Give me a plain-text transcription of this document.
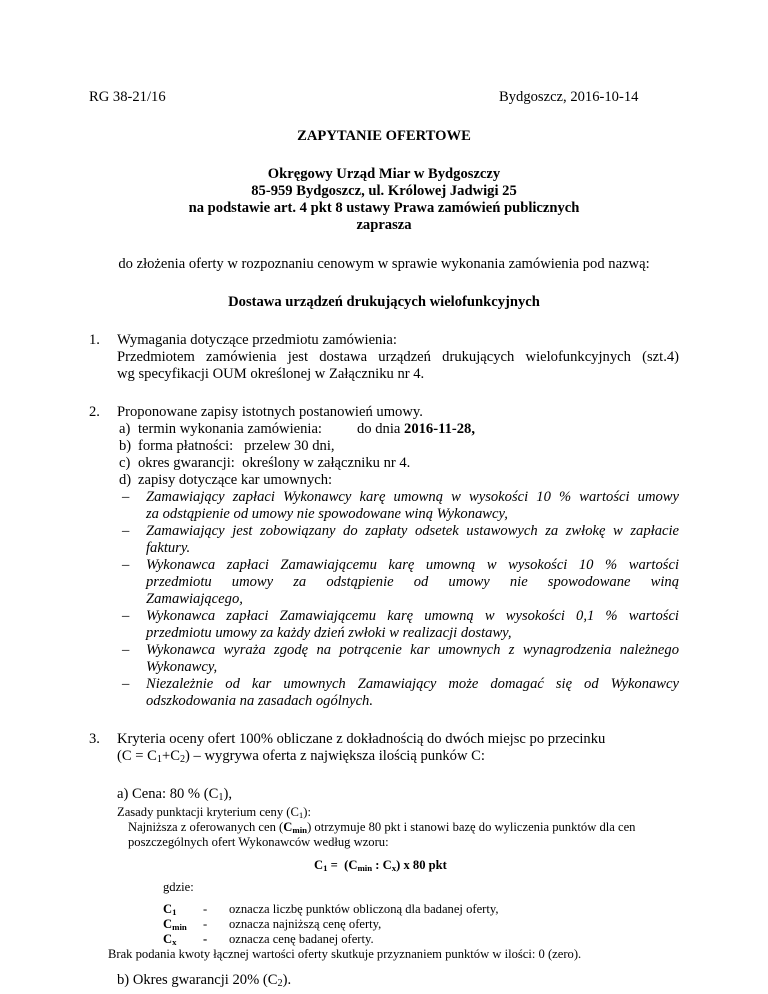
RG 38-21/16	Bydgoszcz, 2016-10-14
ZAPYTANIE OFERTOWE
Okręgowy Urząd Miar w Bydgoszczy
85-959 Bydgoszcz, ul. Królowej Jadwigi 25
na podstawie art. 4 pkt 8 ustawy Prawa zamówień publicznych
zaprasza
do złożenia oferty w rozpoznaniu cenowym w sprawie wykonania zamówienia pod nazwą:
Dostawa urządzeń drukujących wielofunkcyjnych
1. Wymagania dotyczące przedmiotu zamówienia:
Przedmiotem zamówienia jest dostawa urządzeń drukujących wielofunkcyjnych (szt.4)
wg specyfikacji OUM określonej w Załączniku nr 4.
2. Proponowane zapisy istotnych postanowień umowy.
a) termin wykonania zamówienia: do dnia 2016-11-28,
b) forma płatności:   przelew 30 dni,
c) okres gwarancji:  określony w załączniku nr 4.
d) zapisy dotyczące kar umownych:
– Zamawiający zapłaci Wykonawcy karę umowną w wysokości 10 % wartości umowy
za odstąpienie od umowy nie spowodowane winą Wykonawcy,
– Zamawiający jest zobowiązany do zapłaty odsetek ustawowych za zwłokę w zapłacie
faktury.
– Wykonawca zapłaci Zamawiającemu karę umowną w wysokości 10 % wartości
przedmiotu   umowy   za   odstąpienie   od   umowy   nie   spowodowane   winą
Zamawiającego,
– Wykonawca zapłaci Zamawiającemu karę umowną w wysokości 0,1 % wartości
przedmiotu umowy za każdy dzień zwłoki w realizacji dostawy,
– Wykonawca wyraża zgodę na potrącenie kar umownych z wynagrodzenia należnego
Wykonawcy,
– Niezależnie od kar umownych Zamawiający może domagać się od Wykonawcy
odszkodowania na zasadach ogólnych.
3. Kryteria oceny ofert 100% obliczane z dokładnością do dwóch miejsc po przecinku
$(C = C_1+C_2)$ – wygrywa oferta z największa ilością punków C:
a) Cena: 80 % $(C_1)$,
Zasady punktacji kryterium ceny $(C_1)$:
Najniższa z oferowanych cen $(C_{min})$ otrzymuje 80 pkt i stanowi bazę do wyliczenia punktów dla cen
poszczególnych ofert Wykonawców według wzoru:
$C_1 = (C_{min}$ : $C_x$) x 80 pkt
gdzie:
$C_1$ - oznacza liczbę punktów obliczoną dla badanej oferty,
$C_{min}$ - oznacza najniższą cenę oferty,
$C_x$ - oznacza cenę badanej oferty.
Brak podania kwoty łącznej wartości oferty skutkuje przyznaniem punktów w ilości: 0 (zero).
b) Okres gwarancji 20% $(C_2)$.
